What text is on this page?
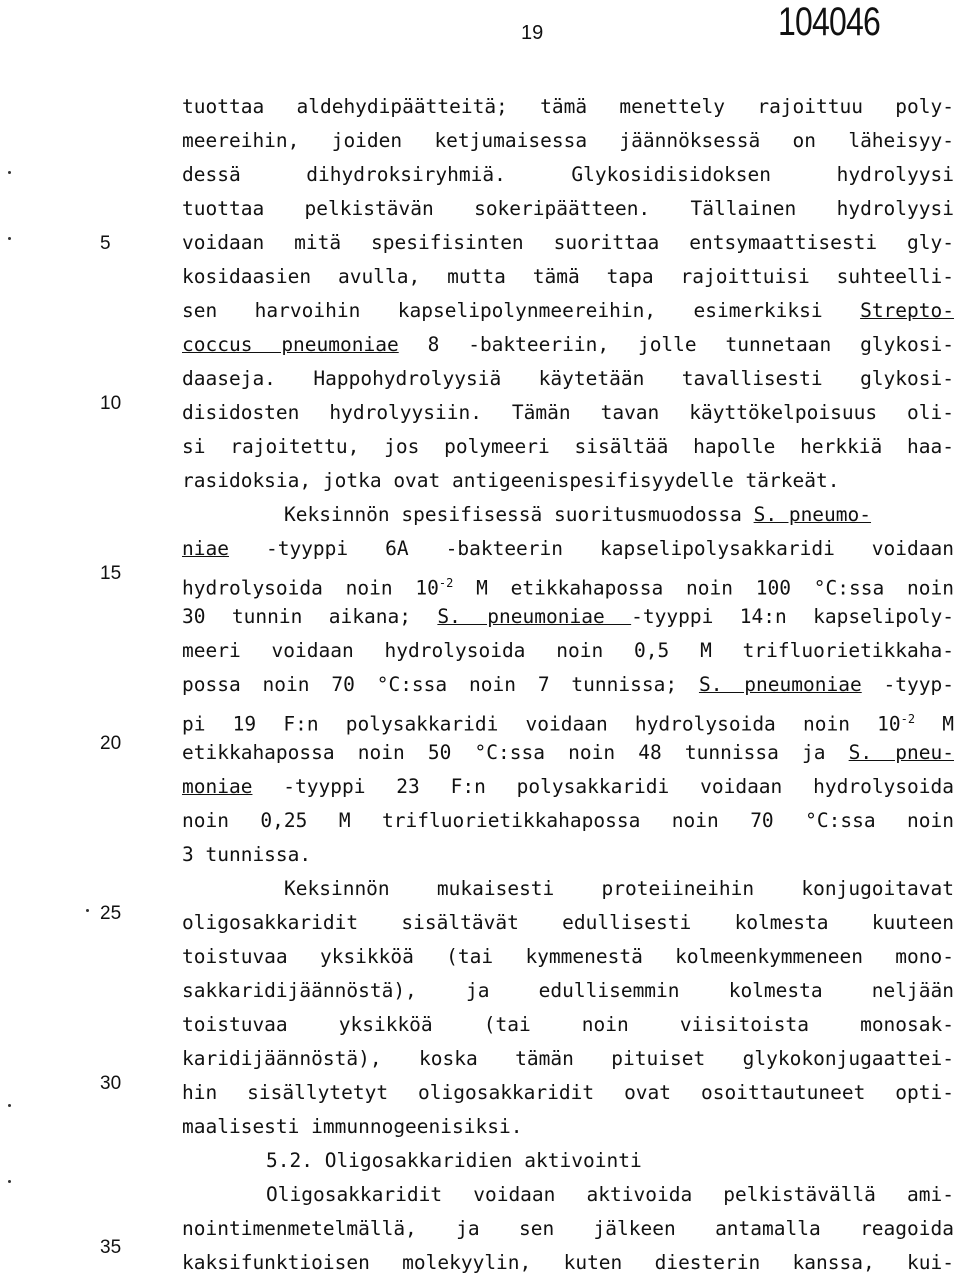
19	104046
5
10
15
20
25
30
35
tuottaa aldehydipäätteitä; tämä menettely rajoittuu poly-
meereihin, joiden ketjumaisessa jäännöksessä on läheisyy-
dessä dihydroksiryhmiä. Glykosidisidoksen hydrolyysi
tuottaa pelkistävän sokeripäätteen. Tällainen hydrolyysi
voidaan mitä spesifisinten suorittaa entsymaattisesti gly-
kosidaasien avulla, mutta tämä tapa rajoittuisi suhteelli-
sen harvoihin kapselipolynmeereihin, esimerkiksi Strepto-
coccus pneumoniae 8 -bakteeriin, jolle tunnetaan glykosi-
daaseja. Happohydrolyysiä käytetään tavallisesti glykosi-
disidosten hydrolyysiin. Tämän tavan käyttökelpoisuus oli-
si rajoitettu, jos polymeeri sisältää hapolle herkkiä haa-
rasidoksia, jotka ovat antigeenispesifisyydelle tärkeät.
Keksinnön spesifisessä suoritusmuodossa S. pneumo-
niae -tyyppi 6A -bakteerin kapselipolysakkaridi voidaan
hydrolysoida noin $10^{-2}$ M etikkahapossa noin 100 °C:ssa noin
30 tunnin aikana; S. pneumoniae -tyyppi 14:n kapselipoly-
meeri voidaan hydrolysoida noin 0,5 M trifluorietikkaha-
possa noin 70 °C:ssa noin 7 tunnissa; S. pneumoniae -tyyp-
pi 19 F:n polysakkaridi voidaan hydrolysoida noin $10^{-2}$ M
etikkahapossa noin 50 °C:ssa noin 48 tunnissa ja S. pneu-
moniae -tyyppi 23 F:n polysakkaridi voidaan hydrolysoida
noin 0,25 M trifluorietikkahapossa noin 70 °C:ssa noin
3 tunnissa.
Keksinnön mukaisesti proteiineihin konjugoitavat
oligosakkaridit sisältävät edullisesti kolmesta kuuteen
toistuvaa yksikköä (tai kymmenestä kolmeenkymmeneen mono-
sakkaridijäännöstä), ja edullisemmin kolmesta neljään
toistuvaa yksikköä (tai noin viisitoista monosak-
karidijäännöstä), koska tämän pituiset glykokonjugaattei-
hin sisällytetyt oligosakkaridit ovat osoittautuneet opti-
maalisesti immunnogeenisiksi.
5.2. Oligosakkaridien aktivointi
Oligosakkaridit voidaan aktivoida pelkistävällä ami-
nointimenmetelmällä, ja sen jälkeen antamalla reagoida
kaksifunktioisen molekyylin, kuten diesterin kanssa, kui-
